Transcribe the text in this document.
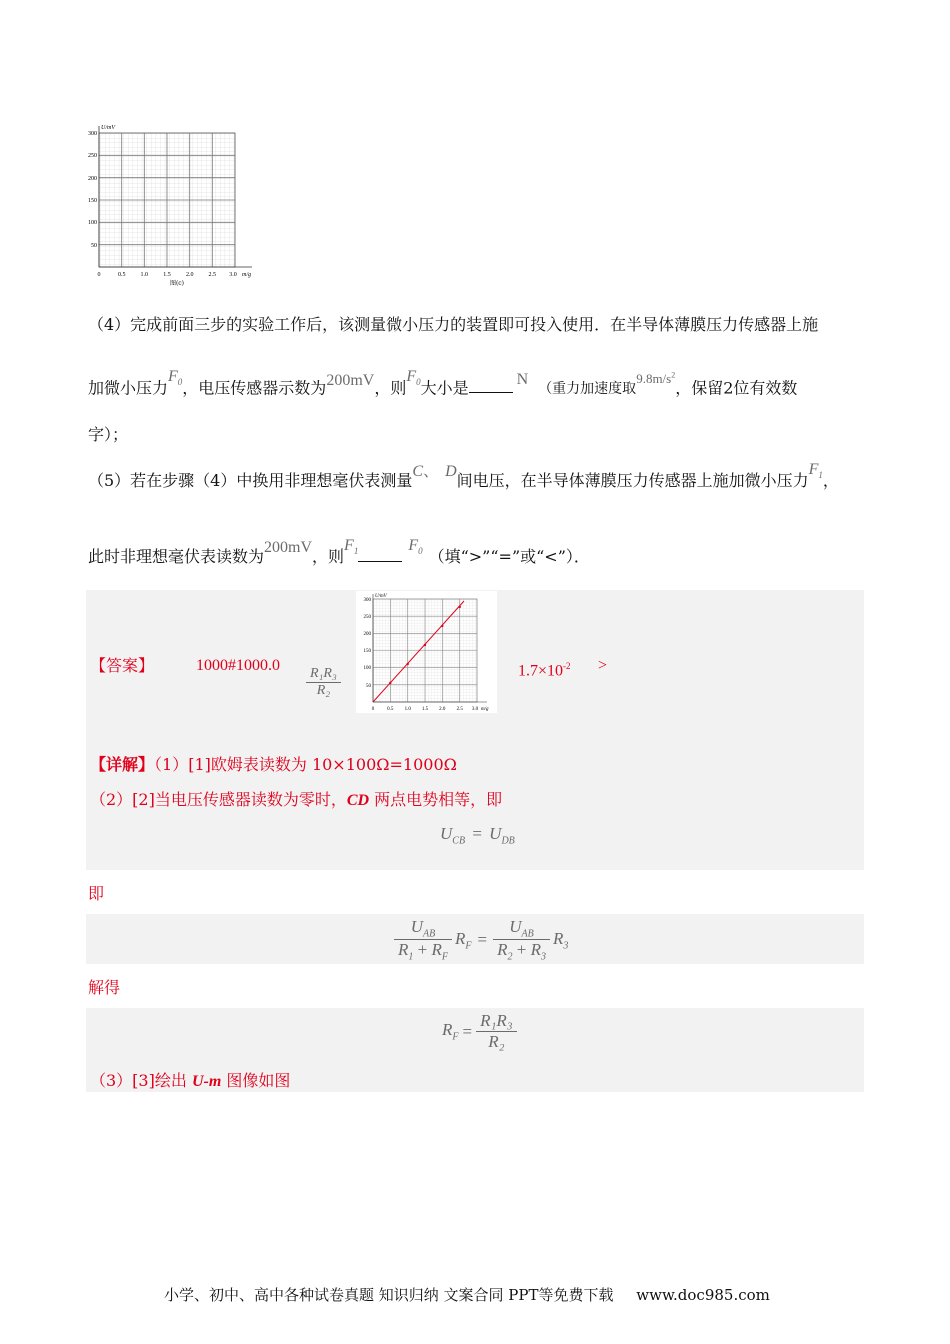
U/mV
m/g
300
250
200
150
100
50
0	0.5	1.0	1.5	2.0	2.5 3.0
图(c)
（4）完成前面三步的实验工作后，该测量微小压力的装置即可投入使用．在半导体薄膜压力传感器上施
加微小压力$F_0$，电压传感器示数为200mV，则$F_0$大小是	N（重力加速度取$^{9.8m/s^2}$，保留2位有效数
字）；
（5）若在步骤（4）中换用非理想毫伏表测量C、 D间电压，在半导体薄膜压力传感器上施加微小压力$F_1$，
此时非理想毫伏表读数为200mV，则$F_1$	$F_0$ （填“>”“=”或“<”）．
【答案】	1000#1000.0
$\frac{\text{R₁R₃}}{\text{R₂}}$
U/mV
m/g
300
250
200
150
100
50
0	0.5 1.0 1.5 2.0 2.5 3.0
$1.7\times 10^{-2}$ >
【详解】（1）[1]欧姆表读数为 10×100Ω=1000Ω
（2）[2]当电压传感器读数为零时，CD 两点电势相等，即
$U_{CB} = U_{DB}$
即
$\frac{U_{AB}}{R_1 + R_F} R_F = \frac{U_{AB}}{R_2 + R_3} R_3$
解得
$R_F = \frac{\text{R₁R₃}}{\text{R₂}}$
（3）[3]绘出 U-m 图像如图
小学、初中、高中各种试卷真题 知识归纳 文案合同 PPT等免费下载 www.doc985.com
